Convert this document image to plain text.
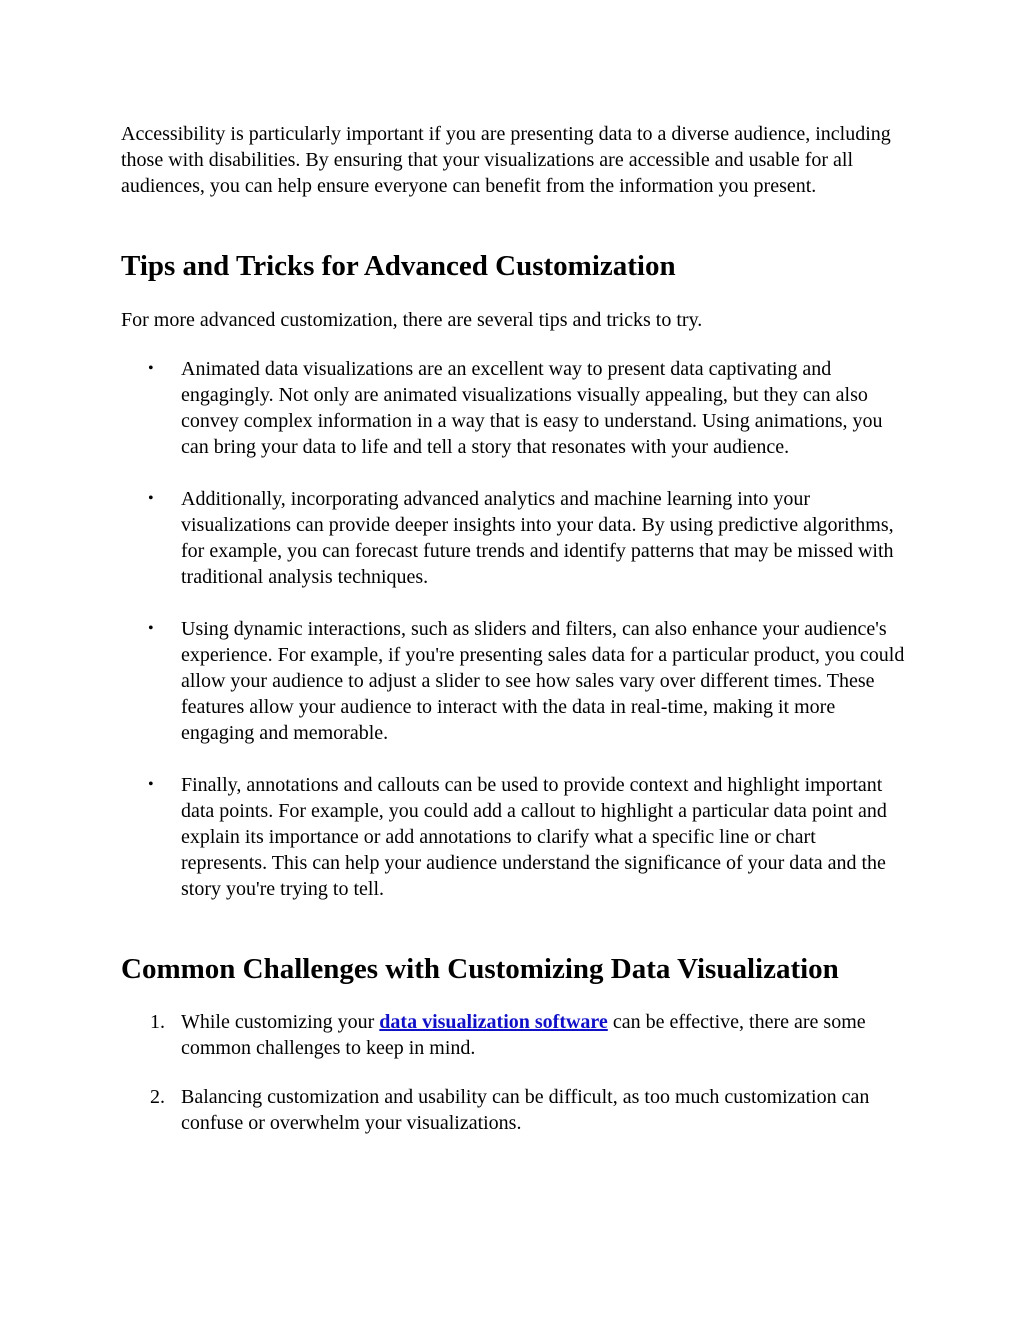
Accessibility is particularly important if you are presenting data to a diverse audience, including those with disabilities. By ensuring that your visualizations are accessible and usable for all audiences, you can help ensure everyone can benefit from the information you present.

Tips and Tricks for Advanced Customization

For more advanced customization, there are several tips and tricks to try.

• Animated data visualizations are an excellent way to present data captivating and engagingly. Not only are animated visualizations visually appealing, but they can also convey complex information in a way that is easy to understand. Using animations, you can bring your data to life and tell a story that resonates with your audience.
• Additionally, incorporating advanced analytics and machine learning into your visualizations can provide deeper insights into your data. By using predictive algorithms, for example, you can forecast future trends and identify patterns that may be missed with traditional analysis techniques.
• Using dynamic interactions, such as sliders and filters, can also enhance your audience's experience. For example, if you're presenting sales data for a particular product, you could allow your audience to adjust a slider to see how sales vary over different times. These features allow your audience to interact with the data in real-time, making it more engaging and memorable.
• Finally, annotations and callouts can be used to provide context and highlight important data points. For example, you could add a callout to highlight a particular data point and explain its importance or add annotations to clarify what a specific line or chart represents. This can help your audience understand the significance of your data and the story you're trying to tell.
Common Challenges with Customizing Data Visualization
1. While customizing your data visualization software can be effective, there are some common challenges to keep in mind.
2. Balancing customization and usability can be difficult, as too much customization can confuse or overwhelm your visualizations.
